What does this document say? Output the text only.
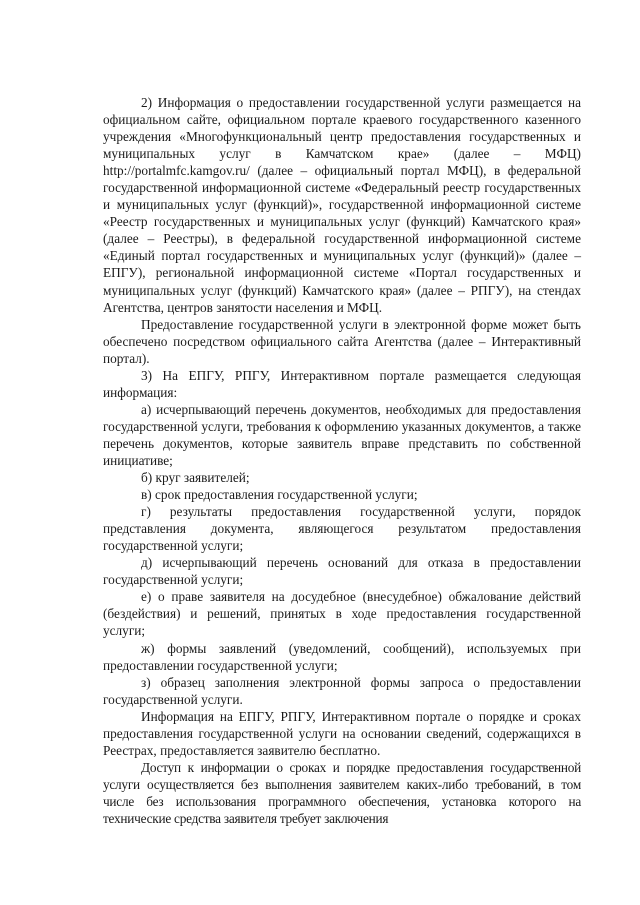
2) Информация о предоставлении государственной услуги размещается на официальном сайте, официальном портале краевого государственного казенного учреждения «Многофункциональный центр предоставления государственных и муниципальных услуг в Камчатском крае» (далее – МФЦ) http://portalmfc.kamgov.ru/ (далее – официальный портал МФЦ), в федеральной государственной информационной системе «Федеральный реестр государственных и муниципальных услуг (функций)», государственной информационной системе «Реестр государственных и муниципальных услуг (функций) Камчатского края» (далее – Реестры), в федеральной государственной информационной системе «Единый портал государственных и муниципальных услуг (функций)» (далее – ЕПГУ), региональной информационной системе «Портал государственных и муниципальных услуг (функций) Камчатского края» (далее – РПГУ), на стендах Агентства, центров занятости населения и МФЦ.

Предоставление государственной услуги в электронной форме может быть обеспечено посредством официального сайта Агентства (далее – Интерактивный портал).

3) На ЕПГУ, РПГУ, Интерактивном портале размещается следующая информация:

а) исчерпывающий перечень документов, необходимых для предоставления государственной услуги, требования к оформлению указанных документов, а также перечень документов, которые заявитель вправе представить по собственной инициативе;

б) круг заявителей;

в) срок предоставления государственной услуги;

г) результаты предоставления государственной услуги, порядок представления документа, являющегося результатом предоставления государственной услуги;

д) исчерпывающий перечень оснований для отказа в предоставлении государственной услуги;

е) о праве заявителя на досудебное (внесудебное) обжалование действий (бездействия) и решений, принятых в ходе предоставления государственной услуги;

ж) формы заявлений (уведомлений, сообщений), используемых при предоставлении государственной услуги;

з) образец заполнения электронной формы запроса о предоставлении государственной услуги.

Информация на ЕПГУ, РПГУ, Интерактивном портале о порядке и сроках предоставления государственной услуги на основании сведений, содержащихся в Реестрах, предоставляется заявителю бесплатно.

Доступ к информации о сроках и порядке предоставления государственной услуги осуществляется без выполнения заявителем каких-либо требований, в том числе без использования программного обеспечения, установка которого на технические средства заявителя требует заключения
